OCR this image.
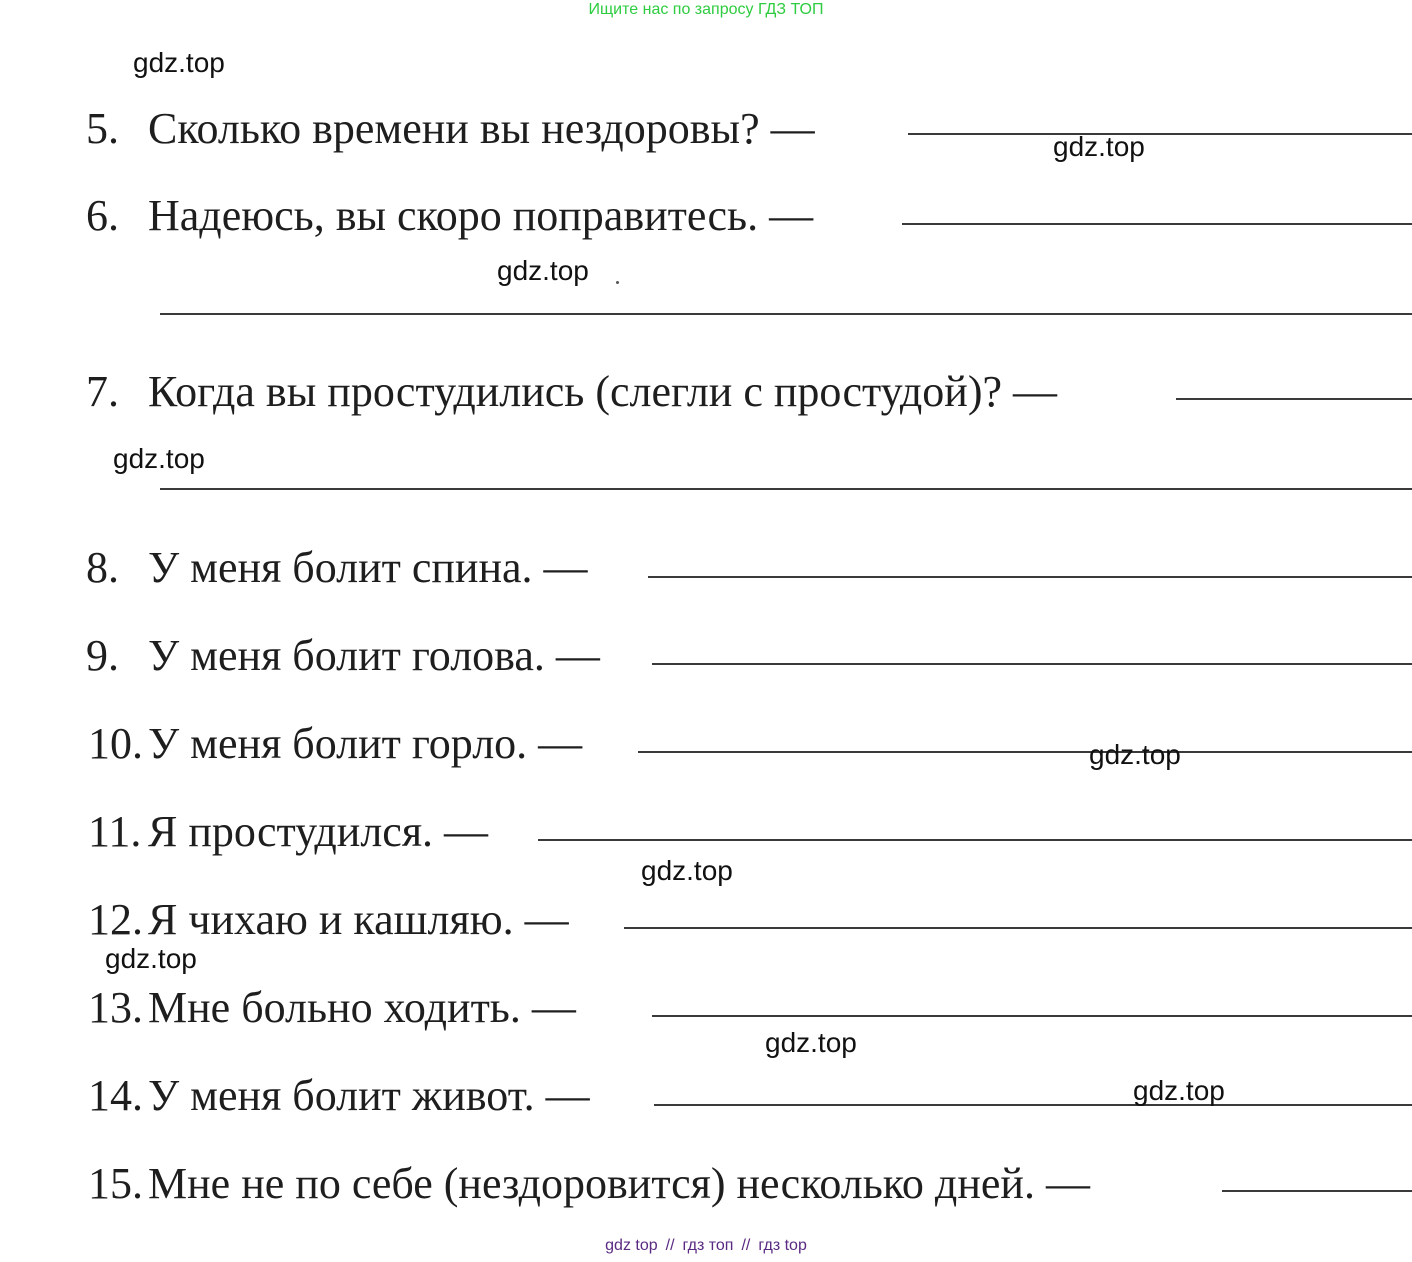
Ищите нас по запросу ГДЗ ТОП
5. Сколько времени вы нездоровы? —
6. Надеюсь, вы скоро поправитесь. —
7. Когда вы простудились (слегли с простудой)? —
8. У меня болит спина. —
9. У меня болит голова. —
10. У меня болит горло. —
11. Я простудился. —
12. Я чихаю и кашляю. —
13. Мне больно ходить. —
14. У меня болит живот. —
15. Мне не по себе (нездоровится) несколько дней. —
gdz.top
gdz.top
gdz.top
gdz.top
gdz.top
gdz.top
gdz.top
gdz.top
gdz.top
gdz top // гдз топ // гдз top
